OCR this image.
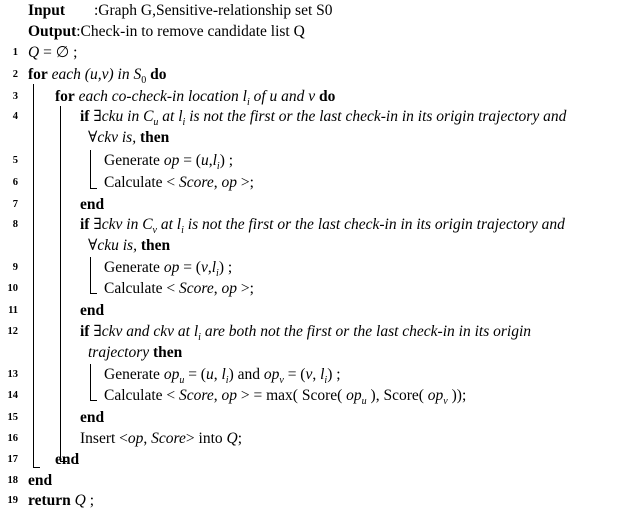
Input :Graph G,Sensitive-relationship set S0
Output:Check-in to remove candidate list Q
1 Q = ∅ ;
2 for each (u,v) in $S_0$ do
3 for each co-check-in location $l_i$ of u and v do
4	if ∃cku in $C_u$ at $l_i$ is not the first or the last check-in in its origin trajectory and
∀ckv is, then
5	Generate op = $(u,l_i)$ ;
6	Calculate < Score, op >;
7	end
8	if ∃ckv in $C_v$ at $l_i$ is not the first or the last check-in in its origin trajectory and
∀cku is, then
9	Generate op = $(v,l_i)$ ;
10	Calculate < Score, op >;
11	end
12	if ∃ckv and ckv at $l_i$ are both not the first or the last check-in in its origin
trajectory then
13	Generate $op_u = (u$, $l_i$) and $op_v = (v$, $l_i$) ;
14	Calculate < Score, op > = max( Score( $op_u$ ), Score( $op_v$ ));
15	end
16	Insert <op, Score> into Q;
17 end
18 end
19 return Q ;
